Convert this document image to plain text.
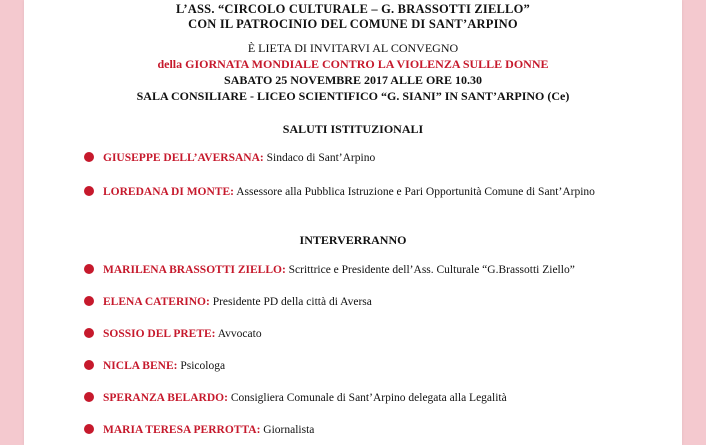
L’ASS. “CIRCOLO CULTURALE – G. BRASSOTTI ZIELLO”
CON IL PATROCINIO DEL COMUNE DI SANT’ARPINO
È LIETA DI INVITARVI AL CONVEGNO
della GIORNATA MONDIALE CONTRO LA VIOLENZA SULLE DONNE
SABATO 25 NOVEMBRE 2017 ALLE ORE 10.30
SALA CONSILIARE - LICEO SCIENTIFICO “G. SIANI” IN SANT’ARPINO (Ce)
SALUTI ISTITUZIONALI
GIUSEPPE DELL’AVERSANA: Sindaco di Sant’Arpino
LOREDANA DI MONTE: Assessore alla Pubblica Istruzione e Pari Opportunità Comune di Sant’Arpino
INTERVERRANNO
MARILENA BRASSOTTI ZIELLO: Scrittrice e Presidente dell’Ass. Culturale “G.Brassotti Ziello”
ELENA CATERINO: Presidente PD della città di Aversa
SOSSIO DEL PRETE: Avvocato
NICLA BENE: Psicologa
SPERANZA BELARDO: Consigliera Comunale di Sant’Arpino delegata alla Legalità
MARIA TERESA PERROTTA: Giornalista
